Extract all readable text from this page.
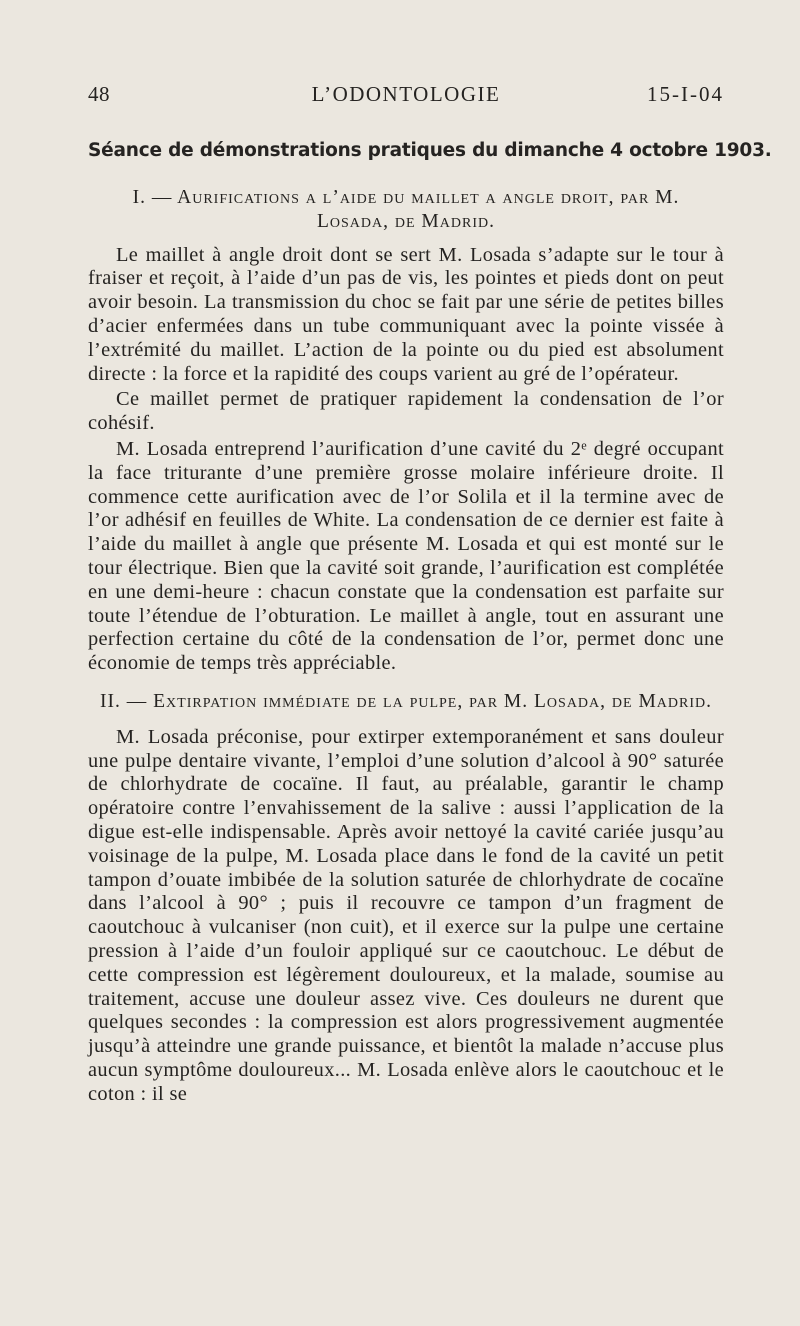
L’ODONTOLOGIE
48	15-I-04
Séance de démonstrations pratiques du dimanche 4 octobre 1903.
I. — Aurifications a l’aide du maillet a angle droit, par M. Losada, de Madrid.

Le maillet à angle droit dont se sert M. Losada s’adapte sur le tour à fraiser et reçoit, à l’aide d’un pas de vis, les pointes et pieds dont on peut avoir besoin. La transmission du choc se fait par une série de petites billes d’acier enfermées dans un tube communiquant avec la pointe vissée à l’extrémité du maillet. L’action de la pointe ou du pied est absolument directe : la force et la rapidité des coups varient au gré de l’opérateur.

Ce maillet permet de pratiquer rapidement la condensation de l’or cohésif.

M. Losada entreprend l’aurification d’une cavité du 2ᵉ degré occupant la face triturante d’une première grosse molaire inférieure droite. Il commence cette aurification avec de l’or Solila et il la termine avec de l’or adhésif en feuilles de White. La condensation de ce dernier est faite à l’aide du maillet à angle que présente M. Losada et qui est monté sur le tour électrique. Bien que la cavité soit grande, l’aurification est complétée en une demi-heure : chacun constate que la condensation est parfaite sur toute l’étendue de l’obturation. Le maillet à angle, tout en assurant une perfection certaine du côté de la condensation de l’or, permet donc une économie de temps très appréciable.

II. — Extirpation immédiate de la pulpe, par M. Losada, de Madrid.

M. Losada préconise, pour extirper extemporanément et sans douleur une pulpe dentaire vivante, l’emploi d’une solution d’alcool à 90° saturée de chlorhydrate de cocaïne. Il faut, au préalable, garantir le champ opératoire contre l’envahissement de la salive : aussi l’application de la digue est-elle indispensable. Après avoir nettoyé la cavité cariée jusqu’au voisinage de la pulpe, M. Losada place dans le fond de la cavité un petit tampon d’ouate imbibée de la solution saturée de chlorhydrate de cocaïne dans l’alcool à 90° ; puis il recouvre ce tampon d’un fragment de caoutchouc à vulcaniser (non cuit), et il exerce sur la pulpe une certaine pression à l’aide d’un fouloir appliqué sur ce caoutchouc. Le début de cette compression est légèrement douloureux, et la malade, soumise au traitement, accuse une douleur assez vive. Ces douleurs ne durent que quelques secondes : la compression est alors progressivement augmentée jusqu’à atteindre une grande puissance, et bientôt la malade n’accuse plus aucun symptôme douloureux... M. Losada enlève alors le caoutchouc et le coton : il se
